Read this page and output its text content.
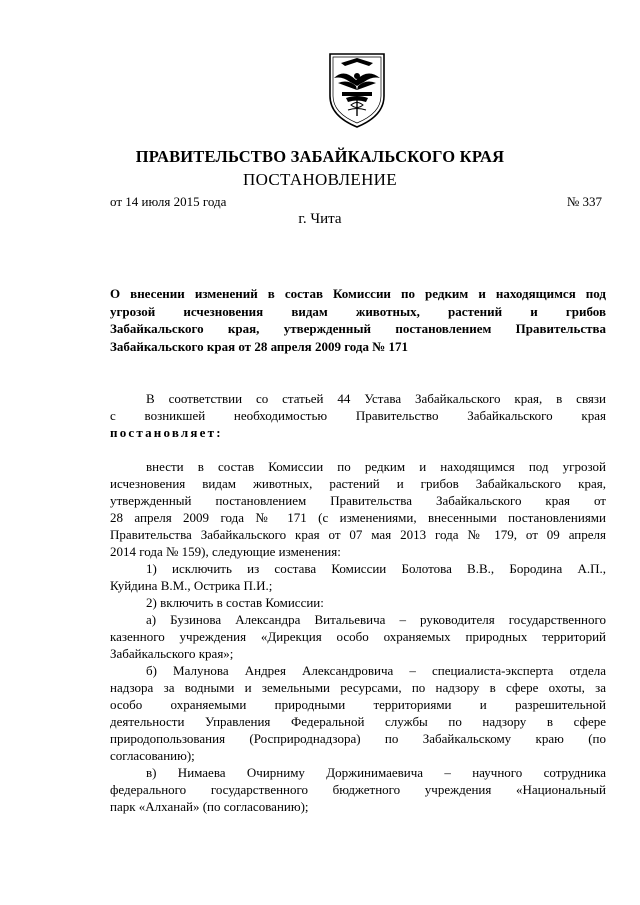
ПРАВИТЕЛЬСТВО ЗАБАЙКАЛЬСКОГО КРАЯ
ПОСТАНОВЛЕНИЕ
от 14 июля 2015 года	№ 337
г. Чита
О внесении изменений в состав Комиссии по редким и находящимся под
угрозой исчезновения видам животных, растений и грибов
Забайкальского края, утвержденный постановлением Правительства
Забайкальского края от 28 апреля 2009 года № 171
В соответствии со статьей 44 Устава Забайкальского края, в связи
с возникшей необходимостью Правительство Забайкальского края
постановляет:
внести в состав Комиссии по редким и находящимся под угрозой
исчезновения видам животных, растений и грибов Забайкальского края,
утвержденный постановлением Правительства Забайкальского края от
28 апреля 2009 года № 171 (с изменениями, внесенными постановлениями
Правительства Забайкальского края от 07 мая 2013 года № 179, от 09 апреля
2014 года № 159), следующие изменения:
1) исключить из состава Комиссии Болотова В.В., Бородина А.П.,
Куйдина В.М., Острика П.И.;
2) включить в состав Комиссии:
а) Бузинова Александра Витальевича – руководителя государственного
казенного учреждения «Дирекция особо охраняемых природных территорий
Забайкальского края»;
б) Малунова Андрея Александровича – специалиста-эксперта отдела
надзора за водными и земельными ресурсами, по надзору в сфере охоты, за
особо охраняемыми природными территориями и разрешительной
деятельности Управления Федеральной службы по надзору в сфере
природопользования (Росприроднадзора) по Забайкальскому краю (по
согласованию);
в) Нимаева Очирниму Доржинимаевича – научного сотрудника
федерального государственного бюджетного учреждения «Национальный
парк «Алханай» (по согласованию);
